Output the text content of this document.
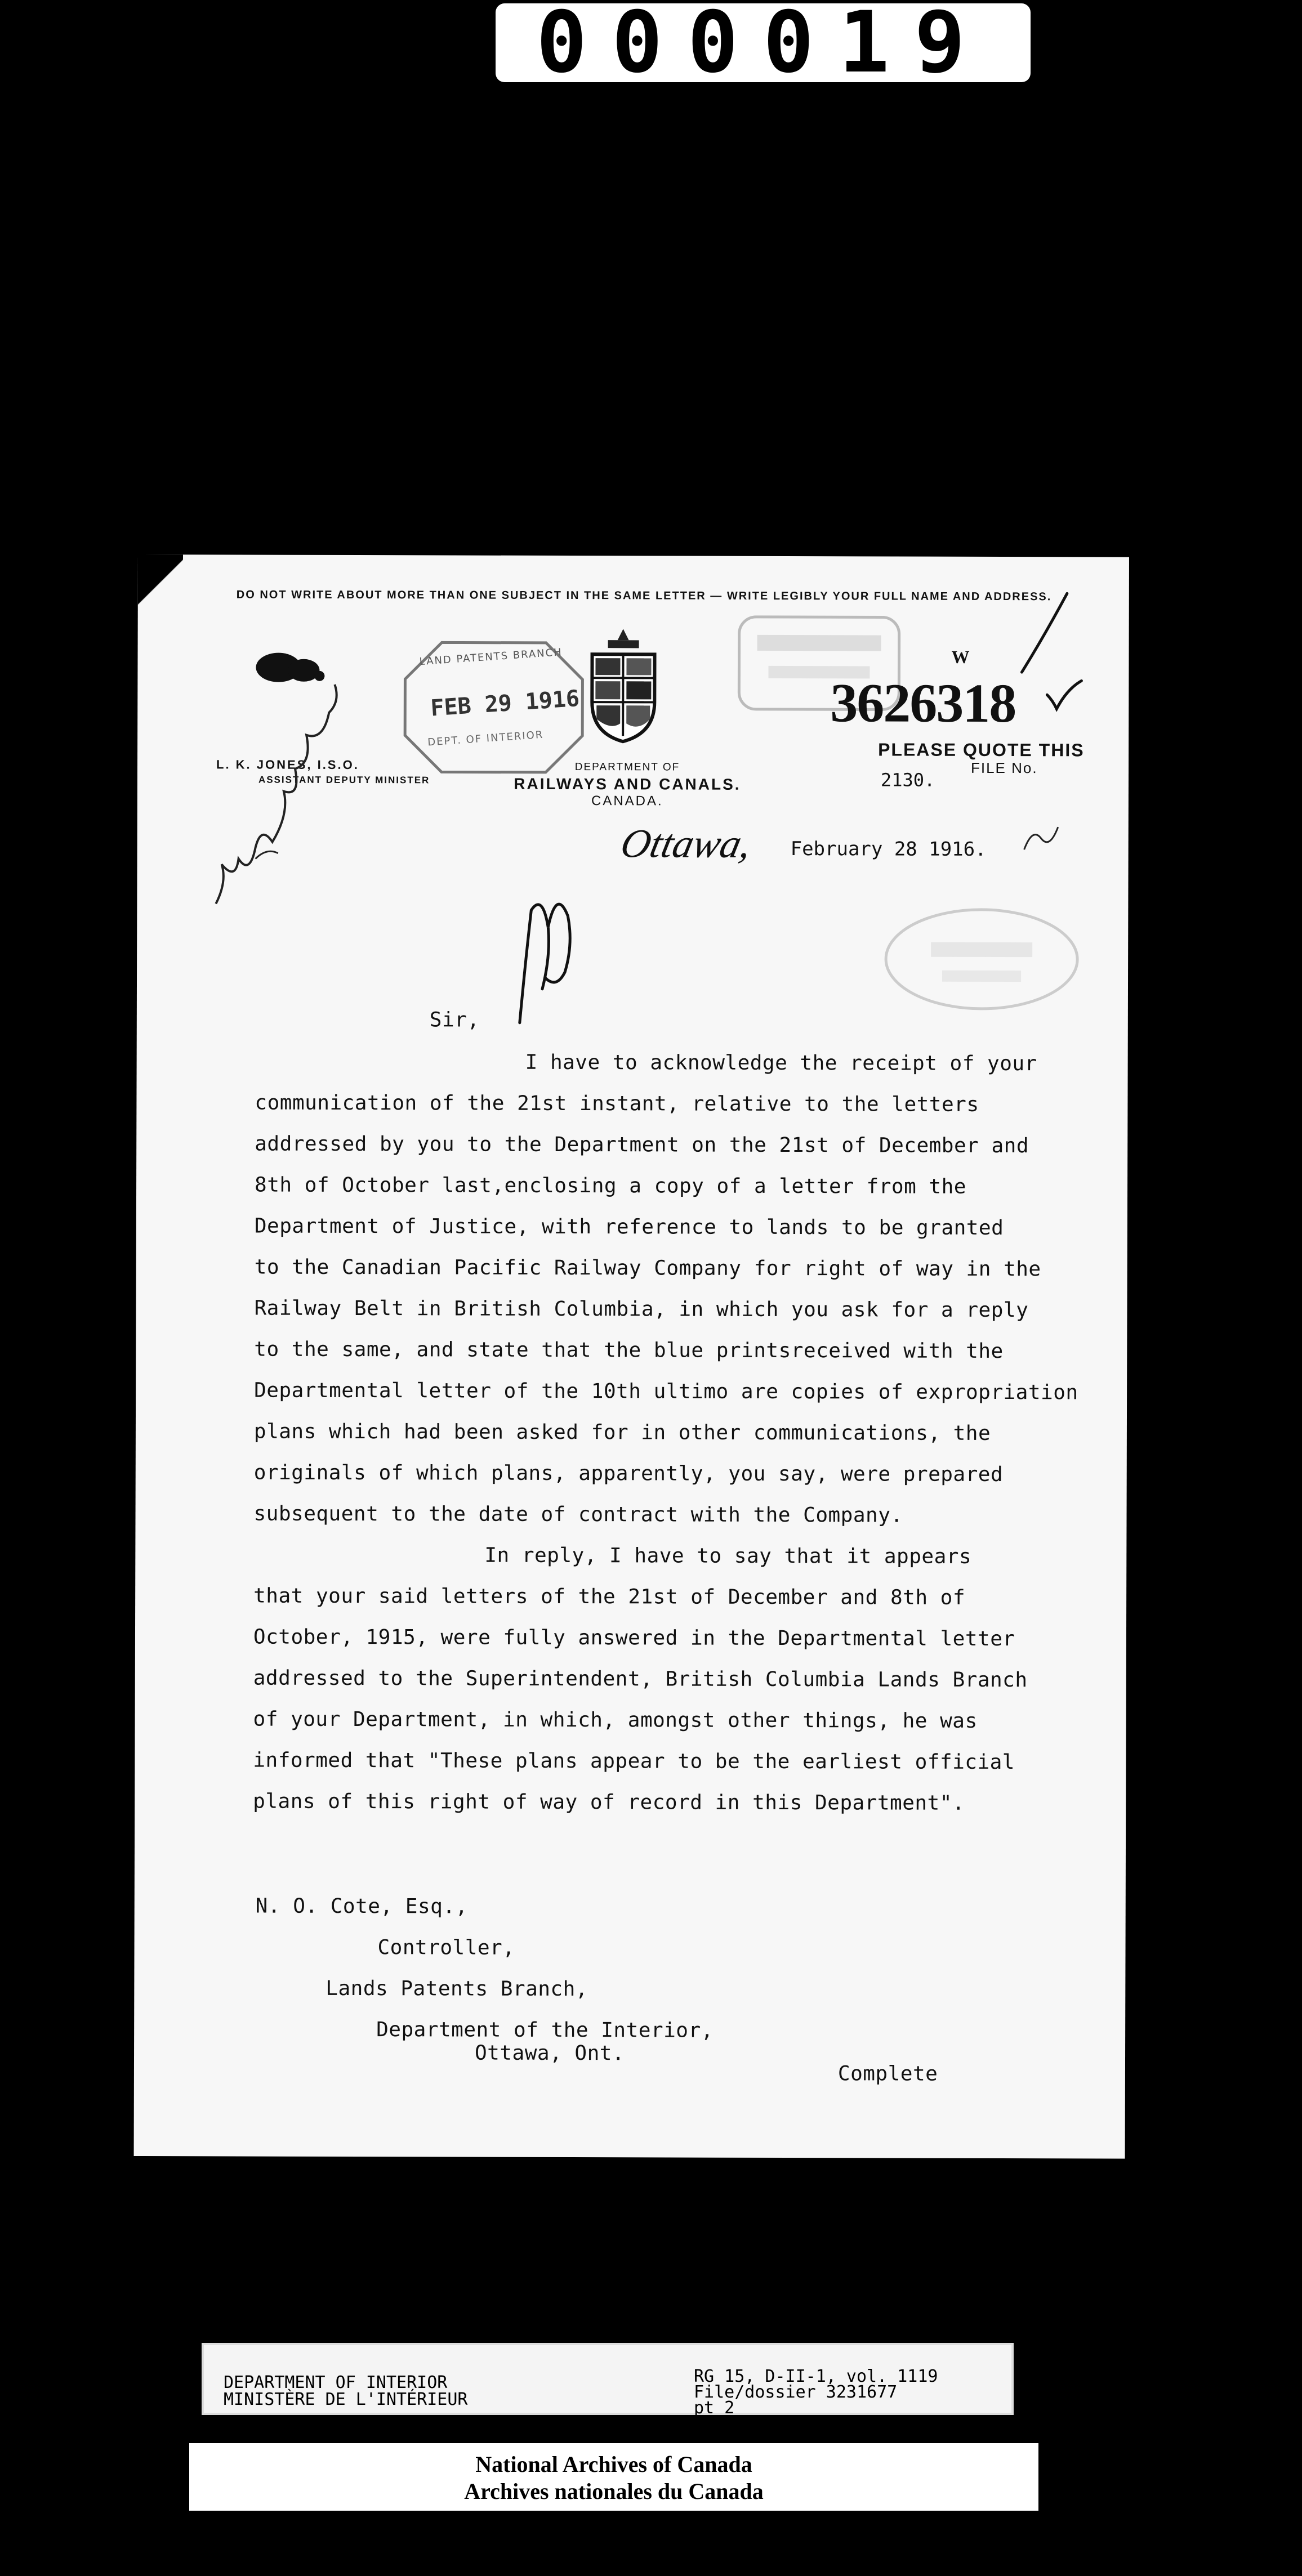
000019
DO NOT WRITE ABOUT MORE THAN ONE SUBJECT IN THE SAME LETTER — WRITE LEGIBLY YOUR FULL NAME AND ADDRESS.
LAND PATENTS BRANCH
FEB 29 1916
DEPT. OF INTERIOR
L. K. JONES, I.S.O.
ASSISTANT DEPUTY MINISTER
DEPARTMENT OF
RAILWAYS AND CANALS.
CANADA.
W
3626318
PLEASE QUOTE THIS
FILE No.
2130.
Ottawa, February 28 1916.
Sir,
I have to acknowledge the receipt of your
communication of the 21st instant, relative to the letters
addressed by you to the Department on the 21st of December and
8th of October last,enclosing a copy of a letter from the
Department of Justice, with reference to lands to be granted
to the Canadian Pacific Railway Company for right of way in the
Railway Belt in British Columbia, in which you ask for a reply
to the same, and state that the blue printsreceived with the
Departmental letter of the 10th ultimo are copies of expropriation
plans which had been asked for in other communications, the
originals of which plans, apparently, you say, were prepared
subsequent to the date of contract with the Company.
In reply, I have to say that it appears
that your said letters of the 21st of December and 8th of
October, 1915, were fully answered in the Departmental letter
addressed to the Superintendent, British Columbia Lands Branch
of your Department, in which, amongst other things, he was
informed that "These plans appear to be the earliest official
plans of this right of way of record in this Department".
N. O. Cote, Esq.,
Controller,
Lands Patents Branch,
Department of the Interior,
Ottawa, Ont.
Complete
DEPARTMENT OF INTERIOR
MINISTÈRE DE L'INTÉRIEUR
RG 15, D-II-1, vol. 1119
File/dossier 3231677
pt 2
National Archives of Canada
Archives nationales du Canada
